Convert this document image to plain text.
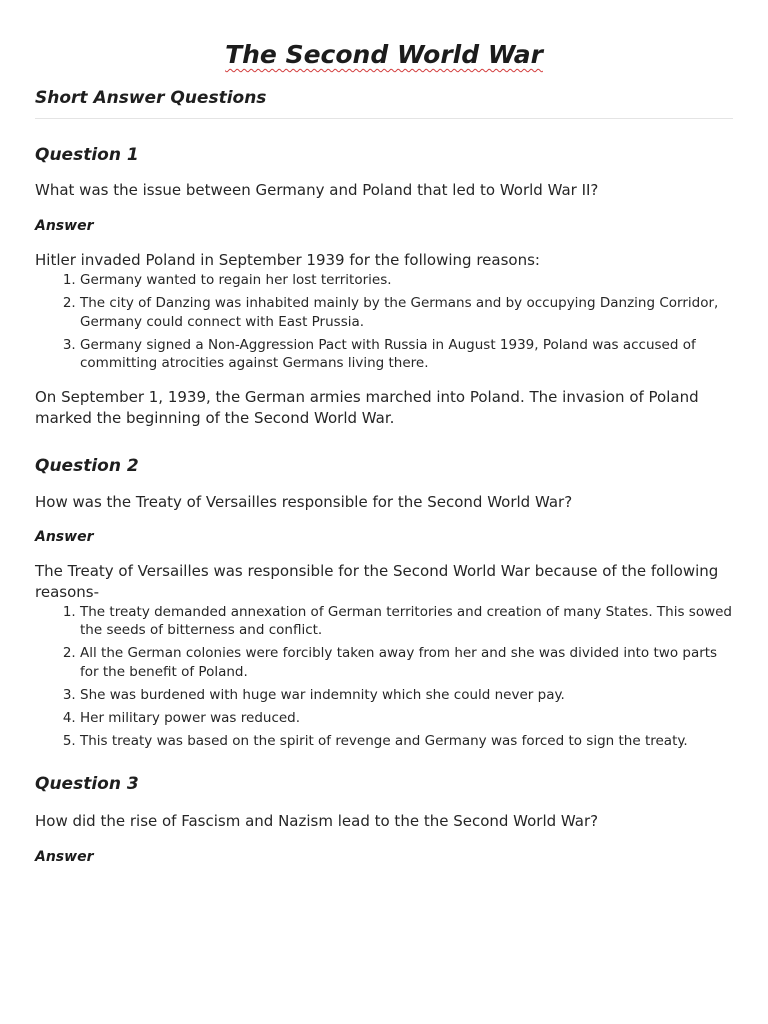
The Second World War
Short Answer Questions
Question 1

What was the issue between Germany and Poland that led to World War II?

Answer

Hitler invaded Poland in September 1939 for the following reasons:

1. Germany wanted to regain her lost territories.
2. The city of Danzing was inhabited mainly by the Germans and by occupying Danzing Corridor, Germany could connect with East Prussia.
3. Germany signed a Non-Aggression Pact with Russia in August 1939, Poland was accused of committing atrocities against Germans living there.

On September 1, 1939, the German armies marched into Poland. The invasion of Poland marked the beginning of the Second World War.

Question 2

How was the Treaty of Versailles responsible for the Second World War?

Answer

The Treaty of Versailles was responsible for the Second World War because of the following reasons-

1. The treaty demanded annexation of German territories and creation of many States. This sowed the seeds of bitterness and conflict.
2. All the German colonies were forcibly taken away from her and she was divided into two parts for the benefit of Poland.
3. She was burdened with huge war indemnity which she could never pay.
4. Her military power was reduced.
5. This treaty was based on the spirit of revenge and Germany was forced to sign the treaty.
Question 3

How did the rise of Fascism and Nazism lead to the the Second World War?

Answer
